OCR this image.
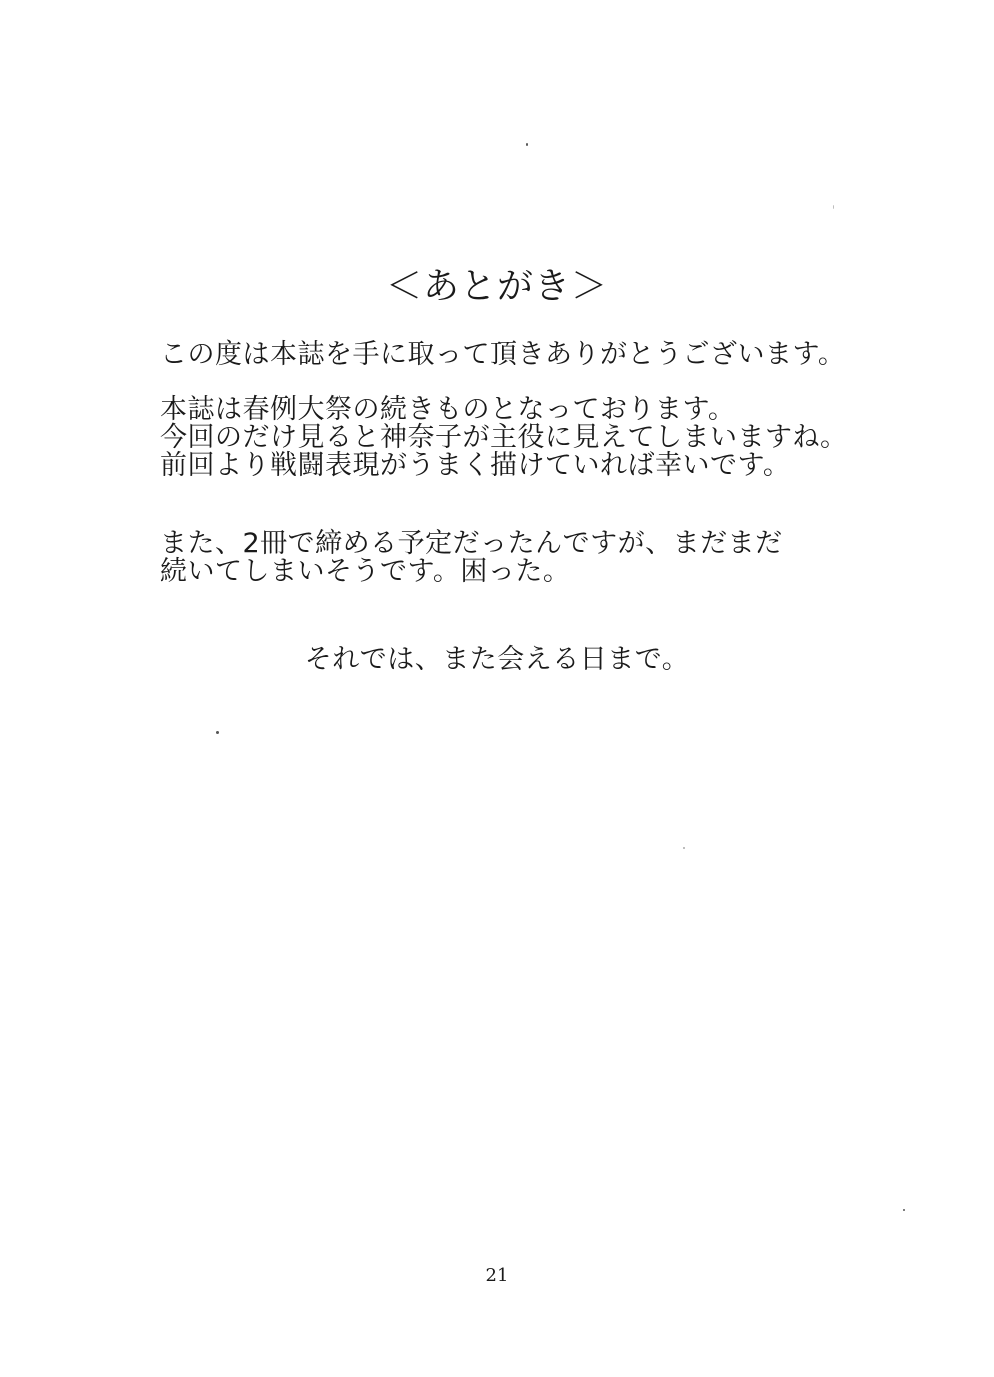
＜あとがき＞
この度は本誌を手に取って頂きありがとうございます。
本誌は春例大祭の続きものとなっております。
今回のだけ見ると神奈子が主役に見えてしまいますね。
前回より戦闘表現がうまく描けていれば幸いです。
また、2冊で締める予定だったんですが、まだまだ
続いてしまいそうです。困った。
それでは、また会える日まで。
21
